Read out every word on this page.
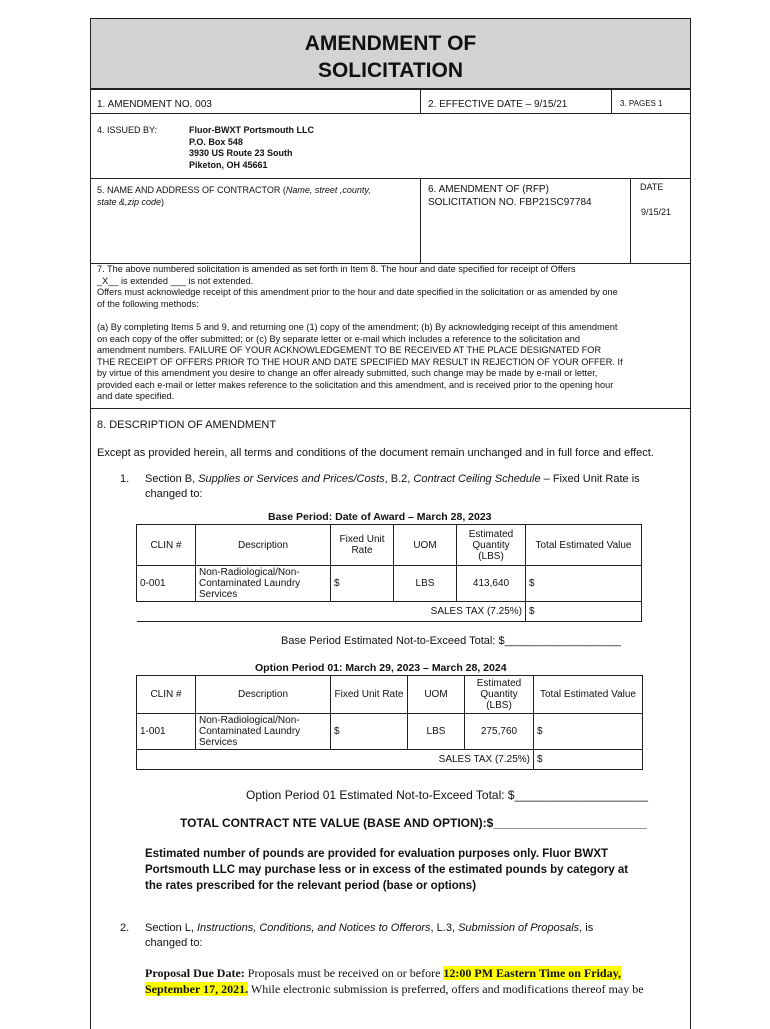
AMENDMENT OF
SOLICITATION
1. AMENDMENT NO. 003	2. EFFECTIVE DATE – 9/15/21	3. PAGES 1
4. ISSUED BY:	Fluor-BWXT Portsmouth LLC
P.O. Box 548
3930 US Route 23 South
Piketon, OH 45661
5. NAME AND ADDRESS OF CONTRACTOR (Name, street ,county,
state &,zip code)
6. AMENDMENT OF (RFP)
SOLICITATION NO. FBP21SC97784
DATE
9/15/21
7. The above numbered solicitation is amended as set forth in Item 8. The hour and date specified for receipt of Offers
_X__ is extended ___ is not extended.
Offers must acknowledge receipt of this amendment prior to the hour and date specified in the solicitation or as amended by one
of the following methods:
(a) By completing Items 5 and 9, and returning one (1) copy of the amendment; (b) By acknowledging receipt of this amendment
on each copy of the offer submitted; or (c) By separate letter or e-mail which includes a reference to the solicitation and
amendment numbers. FAILURE OF YOUR ACKNOWLEDGEMENT TO BE RECEIVED AT THE PLACE DESIGNATED FOR
THE RECEIPT OF OFFERS PRIOR TO THE HOUR AND DATE SPECIFIED MAY RESULT IN REJECTION OF YOUR OFFER. If
by virtue of this amendment you desire to change an offer already submitted, such change may be made by e-mail or letter,
provided each e-mail or letter makes reference to the solicitation and this amendment, and is received prior to the opening hour
and date specified.
8. DESCRIPTION OF AMENDMENT
Except as provided herein, all terms and conditions of the document remain unchanged and in full force and effect.
1. Section B, Supplies or Services and Prices/Costs, B.2, Contract Ceiling Schedule – Fixed Unit Rate is
changed to:
Base Period: Date of Award – March 28, 2023
CLIN #	Description	Fixed Unit Rate	UOM	Estimated Quantity (LBS)	Total Estimated Value
0-001	Non-Radiological/Non-Contaminated Laundry Services	$	LBS	413,640	$
SALES TAX (7.25%)					$
Base Period Estimated Not-to-Exceed Total: $___________________
Option Period 01: March 29, 2023 – March 28, 2024
CLIN #	Description	Fixed Unit Rate	UOM	Estimated Quantity (LBS)	Total Estimated Value
1-001	Non-Radiological/Non-Contaminated Laundry Services	$	LBS	275,760	$
SALES TAX (7.25%)					$
Option Period 01 Estimated Not-to-Exceed Total: $____________________
TOTAL CONTRACT NTE VALUE (BASE AND OPTION):$_______________________
Estimated number of pounds are provided for evaluation purposes only. Fluor BWXT
Portsmouth LLC may purchase less or in excess of the estimated pounds by category at
the rates prescribed for the relevant period (base or options)
2. Section L, Instructions, Conditions, and Notices to Offerors, L.3, Submission of Proposals, is
changed to:
Proposal Due Date: Proposals must be received on or before 12:00 PM Eastern Time on Friday,
September 17, 2021. While electronic submission is preferred, offers and modifications thereof may be
